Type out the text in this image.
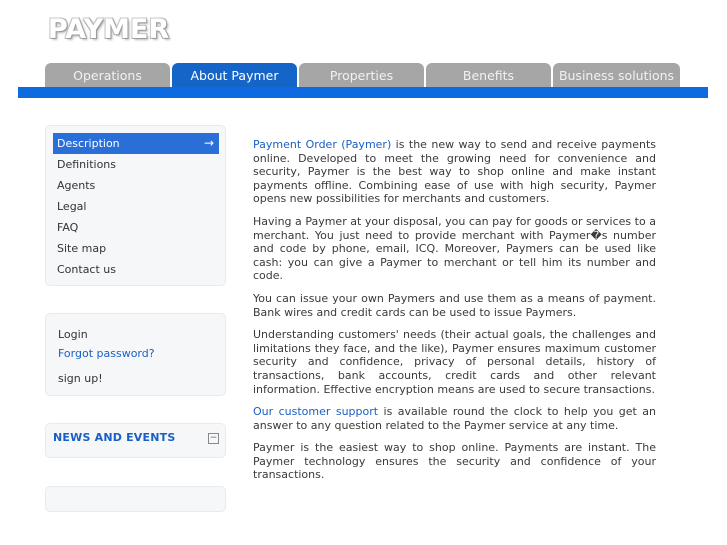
PAYMER
Operations	About Paymer	Properties	Benefits	Business solutions
Description	→
Definitions
Agents
Legal
FAQ
Site map
Contact us
Login
Forgot password?
sign up!
NEWS AND EVENTS	−

Payment Order (Paymer) is the new way to send and receive payments online. Developed to meet the growing need for convenience and security, Paymer is the best way to shop online and make instant payments offline. Combining ease of use with high security, Paymer opens new possibilities for merchants and customers.

Having a Paymer at your disposal, you can pay for goods or services to a merchant. You just need to provide merchant with Paymer�s number and code by phone, email, ICQ. Moreover, Paymers can be used like cash: you can give a Paymer to merchant or tell him its number and code.

You can issue your own Paymers and use them as a means of payment. Bank wires and credit cards can be used to issue Paymers.

Understanding customers' needs (their actual goals, the challenges and limitations they face, and the like), Paymer ensures maximum customer security and confidence, privacy of personal details, history of transactions, bank accounts, credit cards and other relevant information. Effective encryption means are used to secure transactions.

Our customer support is available round the clock to help you get an answer to any question related to the Paymer service at any time.

Paymer is the easiest way to shop online. Payments are instant. The Paymer technology ensures the security and confidence of your transactions.
